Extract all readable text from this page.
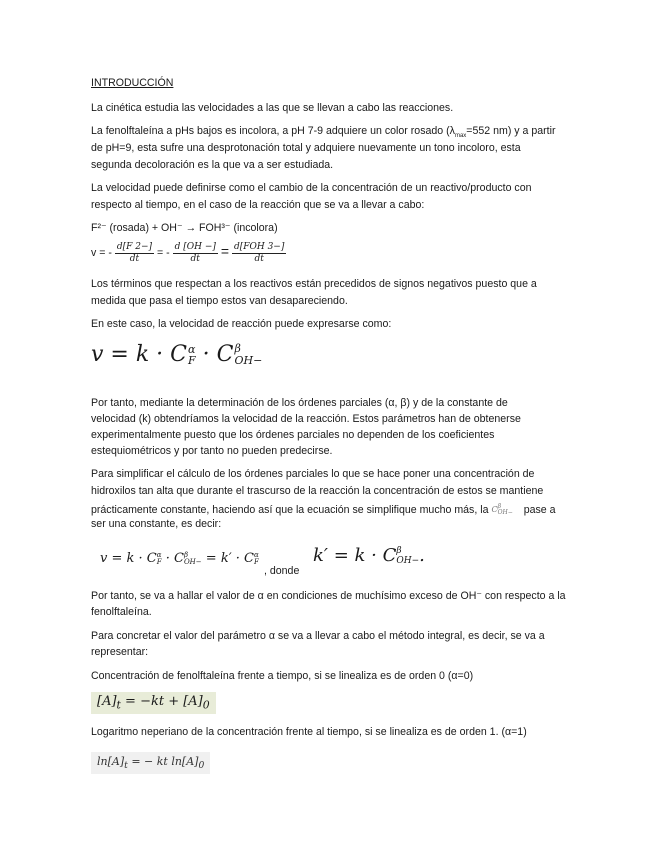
INTRODUCCIÓN
La cinética estudia las velocidades a las que se llevan a cabo las reacciones.
La fenolftaleína a pHs bajos es incolora, a pH 7-9 adquiere un color rosado ($\lambda_{max}=552$ nm) y a partir
de pH=9, esta sufre una desprotonación total y adquiere nuevamente un tono incoloro, esta
segunda decoloración es la que va a ser estudiada.
La velocidad puede definirse como el cambio de la concentración de un reactivo/producto con
respecto al tiempo, en el caso de la reacción que se va a llevar a cabo:
F²⁻ (rosada) + OH⁻ → FOH³⁻ (incolora)
v = - $\frac{d[F 2-]}{dt}$ = - $\frac{d [OH -]}{dt} = \frac{\text{d[FOH 3−]}}{dt}$
Los términos que respectan a los reactivos están precedidos de signos negativos puesto que a
medida que pasa el tiempo estos van desapareciendo.
En este caso, la velocidad de reacción puede expresarse como:
v = k · C α
F · C β
OH−
Por tanto, mediante la determinación de los órdenes parciales (α, β) y de la constante de
velocidad (k) obtendríamos la velocidad de la reacción. Estos parámetros han de obtenerse
experimentalmente puesto que los órdenes parciales no dependen de los coeficientes
estequiométricos y por tanto no pueden predecirse.
Para simplificar el cálculo de los órdenes parciales lo que se hace poner una concentración de
hidroxilos tan alta que durante el trascurso de la reacción la concentración de estos se mantiene
prácticamente constante, haciendo así que la ecuación se simplifique mucho más, la C β
OH− pase a
ser una constante, es decir:
v = k · C α
F · C β
OH− = k′ · C α
F
, donde
k′ = k · C β
OH− .
Por tanto, se va a hallar el valor de α en condiciones de muchísimo exceso de OH⁻ con respecto a la
fenolftaleína.
Para concretar el valor del parámetro α se va a llevar a cabo el método integral, es decir, se va a
representar:
Concentración de fenolftaleína frente a tiempo, si se linealiza es de orden 0 (α=0)
$[A]_t = -kt + [A]_0$
Logaritmo neperiano de la concentración frente al tiempo, si se linealiza es de orden 1. (α=1)
$\ln[A]_t$ = − kt $\ln[A]_0$
